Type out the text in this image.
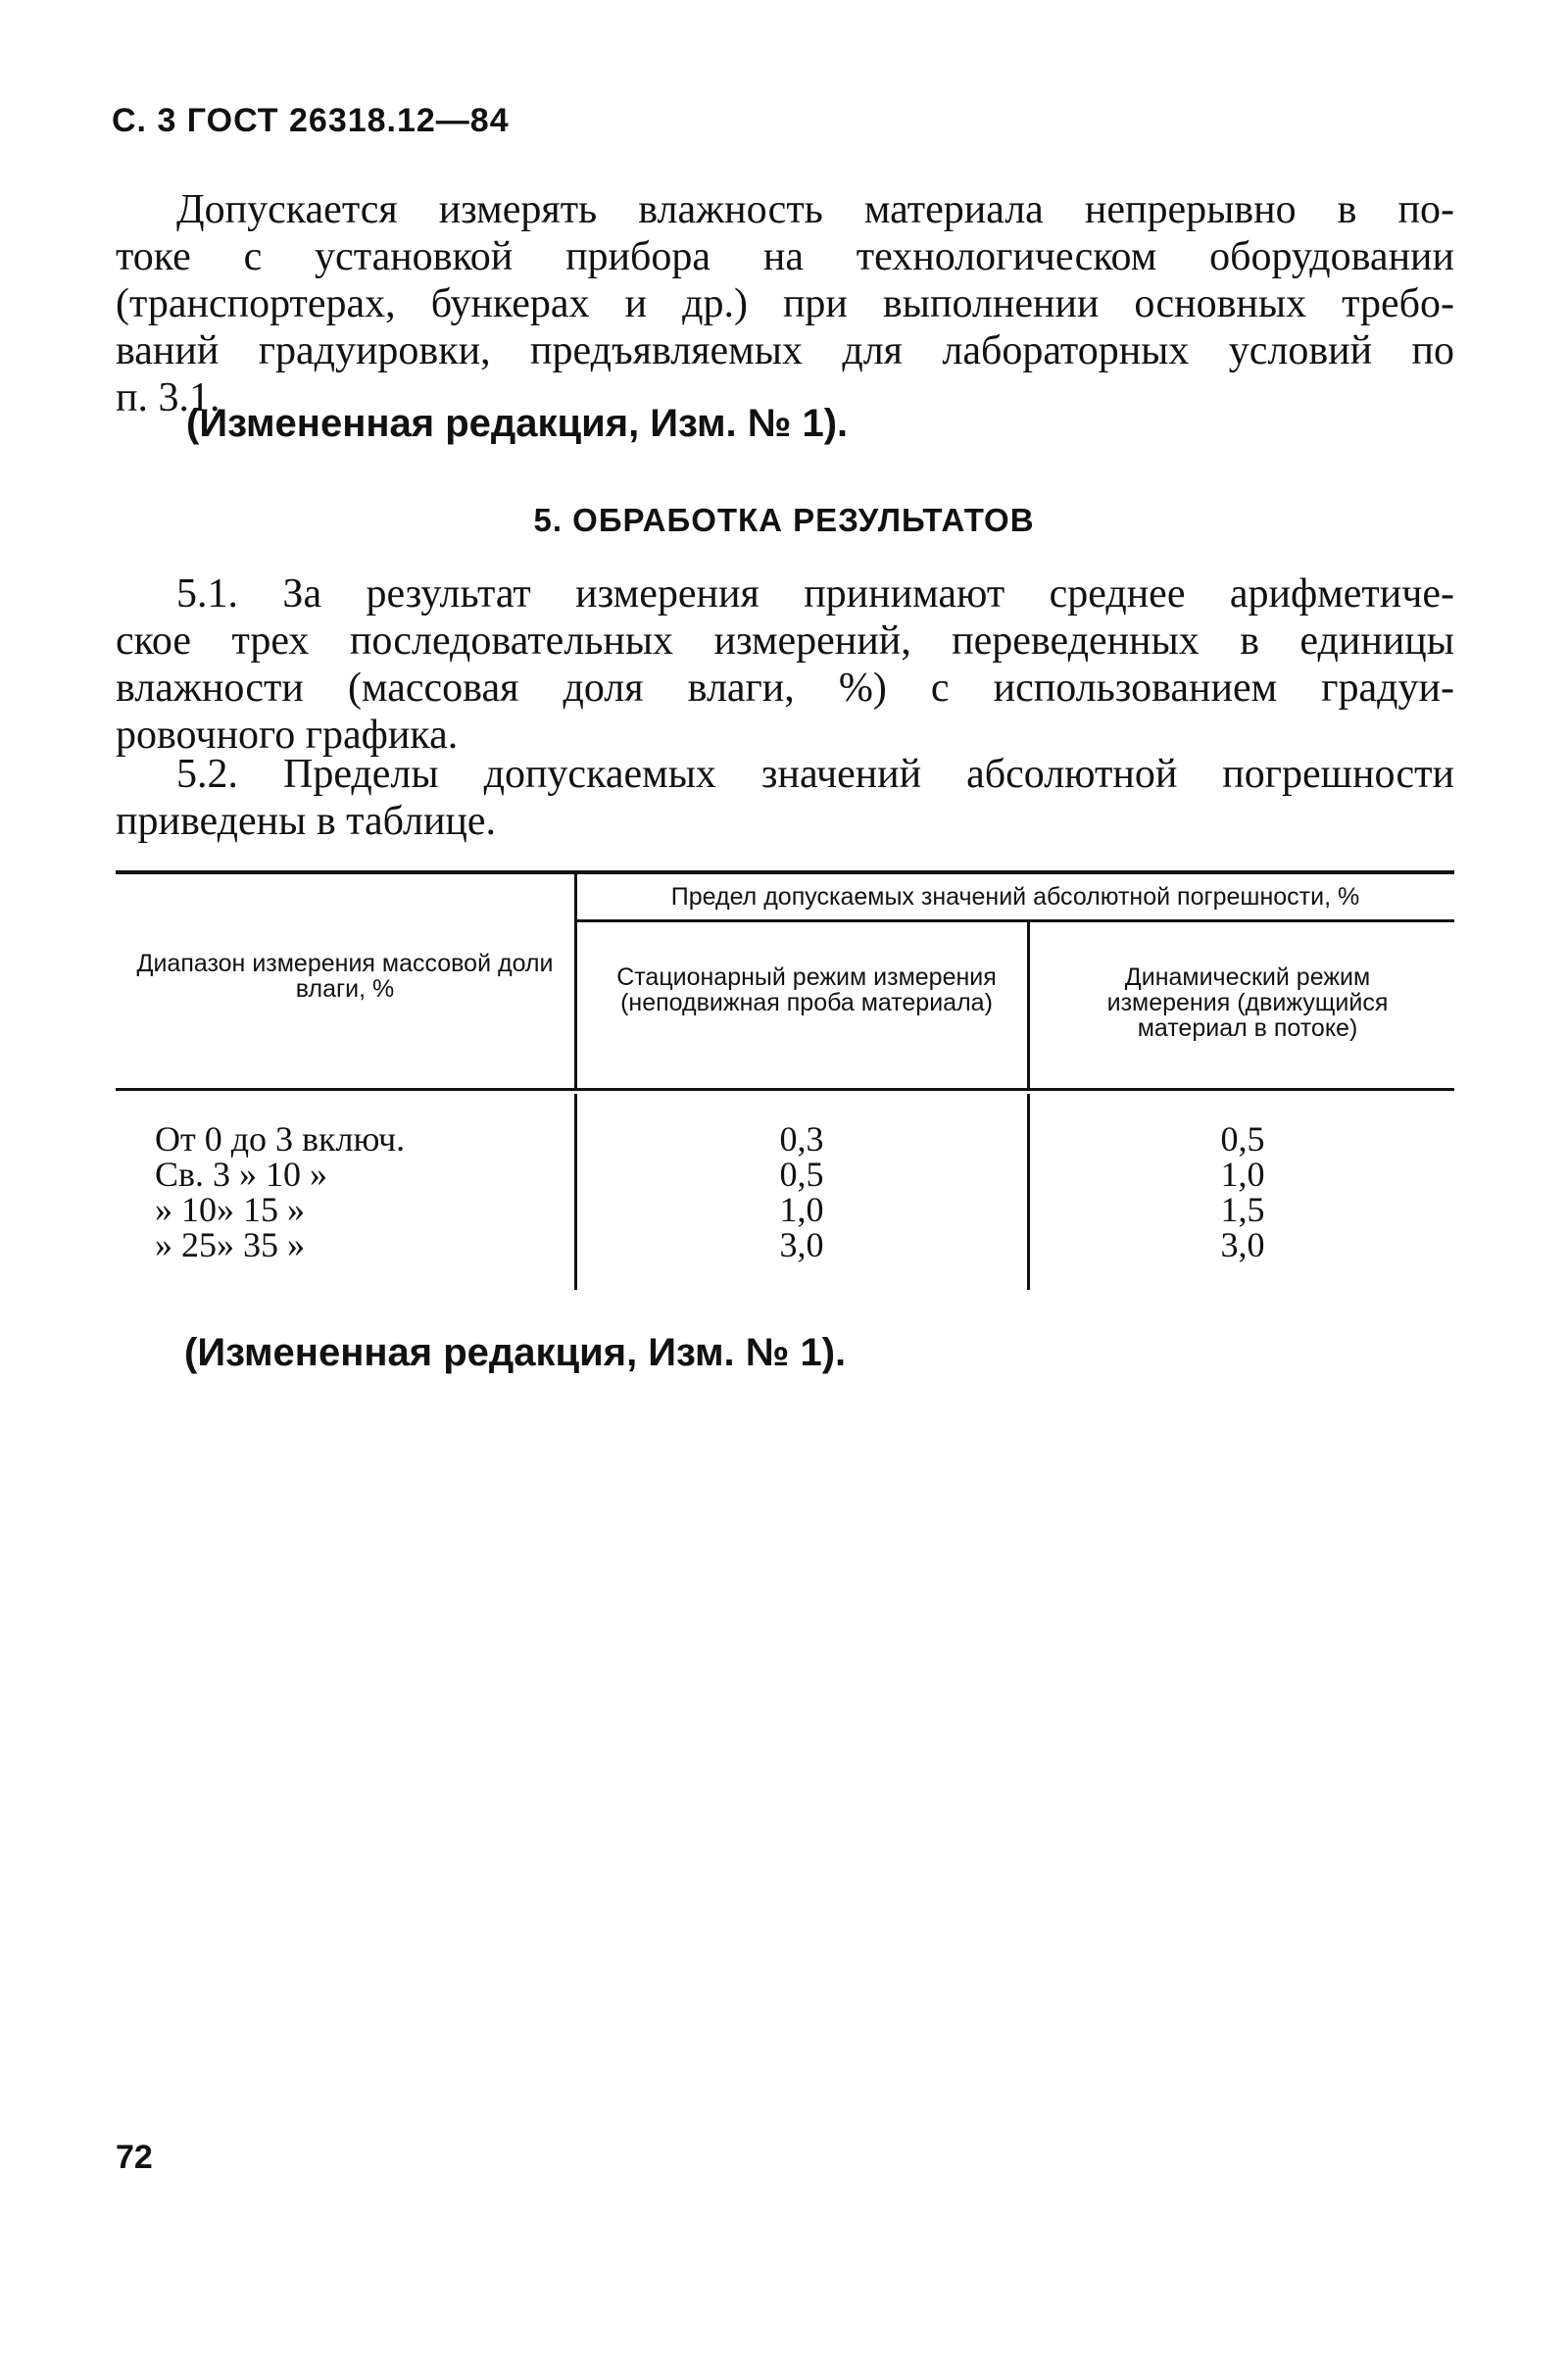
С. 3 ГОСТ 26318.12—84
Допускается измерять влажность материала непрерывно в по-
токе с установкой прибора на технологическом оборудовании
(транспортерах, бункерах и др.) при выполнении основных требо-
ваний градуировки, предъявляемых для лабораторных условий по
п. 3.1.
(Измененная редакция, Изм. № 1).
5. ОБРАБОТКА РЕЗУЛЬТАТОВ
5.1. За результат измерения принимают среднее арифметиче-
ское трех последовательных измерений, переведенных в единицы
влажности (массовая доля влаги, %) с использованием градуи-
ровочного графика.
5.2. Пределы допускаемых значений абсолютной погрешности
приведены в таблице.
Диапазон измерения массовой доли влаги, %
Предел допускаемых значений абсолютной погрешности, %
Стационарный режим измерения (неподвижная проба материала)
Динамический режим измерения (движущийся материал в потоке)
От 0 до 3 включ.	0,3	0,5
Св. 3 » 10 »	0,5	1,0
» 10» 15 »	1,0	1,5
» 25» 35 »	3,0	3,0
(Измененная редакция, Изм. № 1).
72
